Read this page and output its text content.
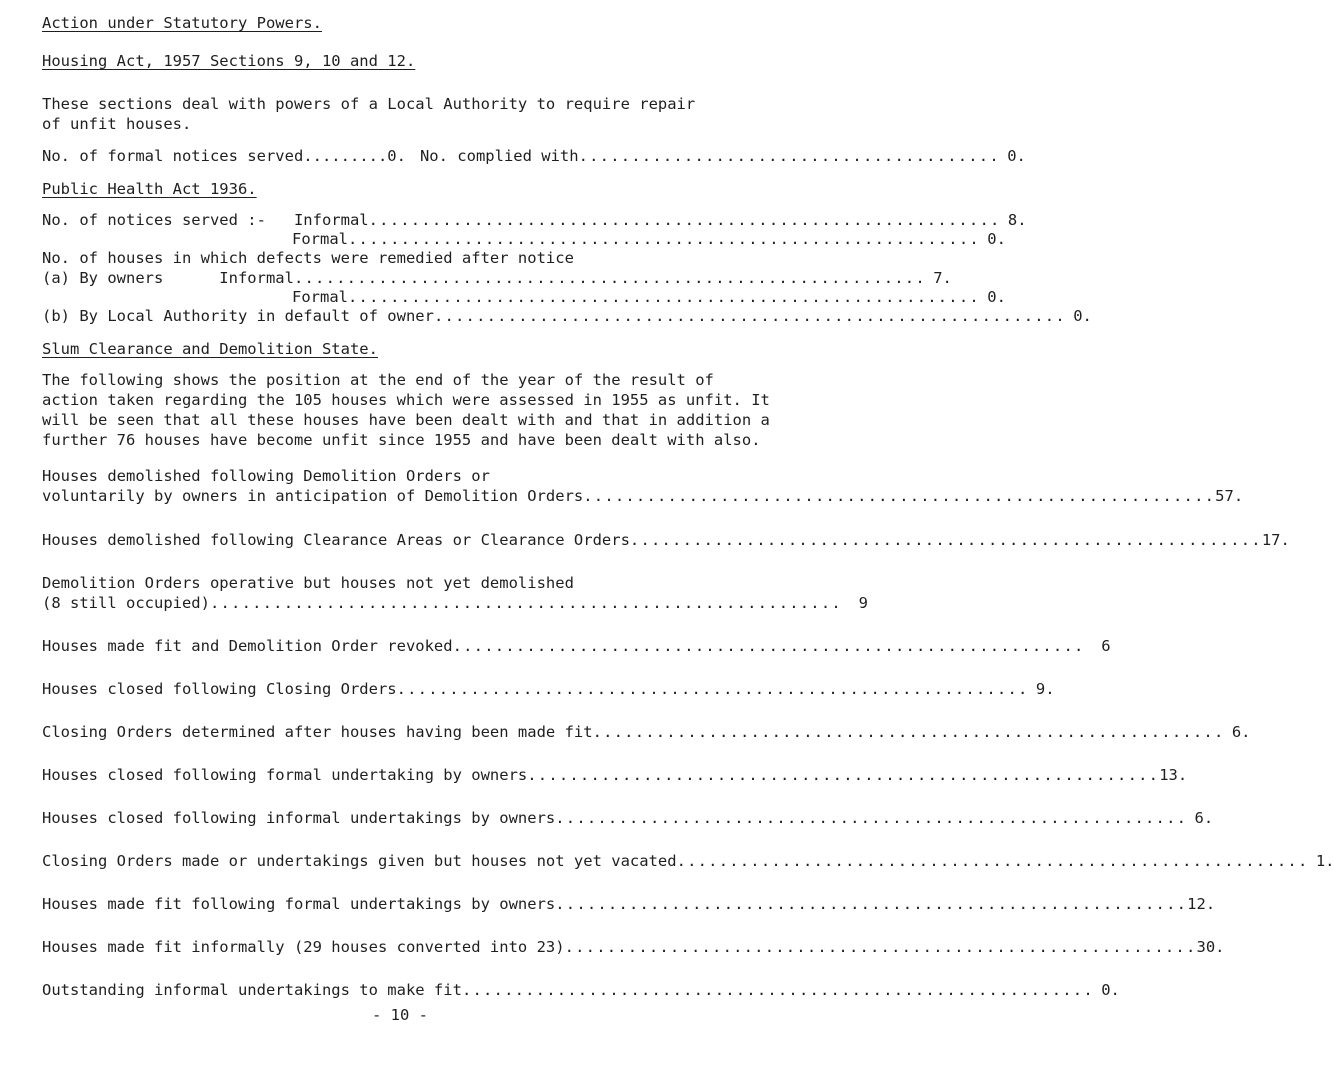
Action under Statutory Powers.
Housing Act, 1957 Sections 9, 10 and 12.
These sections deal with powers of a Local Authority to require repair
of unfit houses.
No. of formal notices served......... 0. No. complied with ........................................ 0.
Public Health Act 1936.
No. of notices served :-   Informal ............................................................ 8.
Formal ............................................................ 0.
No. of houses in which defects were remedied after notice
(a) By owners      Informal ............................................................ 7.
Formal ............................................................ 0.
(b) By Local Authority in default of owner ............................................................ 0.
Slum Clearance and Demolition State.
The following shows the position at the end of the year of the result of
action taken regarding the 105 houses which were assessed in 1955 as unfit. It
will be seen that all these houses have been dealt with and that in addition a
further 76 houses have become unfit since 1955 and have been dealt with also.
Houses demolished following Demolition Orders or
voluntarily by owners in anticipation of Demolition Orders ............................................................ 57.
Houses demolished following Clearance Areas or Clearance Orders ............................................................ 17.
Demolition Orders operative but houses not yet demolished
(8 still occupied) ............................................................	9
Houses made fit and Demolition Order revoked ............................................................	6
Houses closed following Closing Orders ............................................................ 9.
Closing Orders determined after houses having been made fit ............................................................ 6.
Houses closed following formal undertaking by owners ............................................................ 13.
Houses closed following informal undertakings by owners ............................................................ 6.
Closing Orders made or undertakings given but houses not yet vacated ............................................................ 1.
Houses made fit following formal undertakings by owners ............................................................ 12.
Houses made fit informally (29 houses converted into 23) ............................................................ 30.
Outstanding informal undertakings to make fit ............................................................ 0.
- 10 -
